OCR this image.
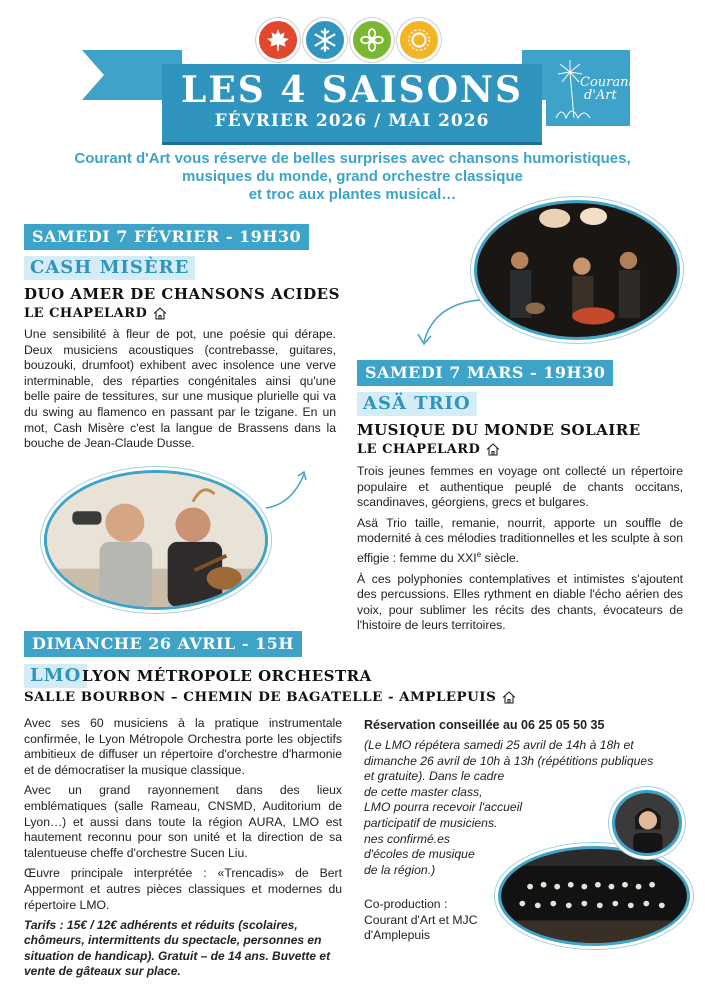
LES 4 SAISONS
FÉVRIER 2026 / MAI 2026
Courant
d'Art
Courant d'Art vous réserve de belles surprises avec chansons humoristiques,
musiques du monde, grand orchestre classique
et troc aux plantes musical…
SAMEDI 7 FÉVRIER - 19H30
CASH MISÈRE
DUO AMER DE CHANSONS ACIDES
LE CHAPELARD
Une sensibilité à fleur de pot, une poésie qui dérape. Deux musiciens acoustiques (contrebasse, guitares, bouzouki, drumfoot) exhibent avec insolence une verve interminable, des réparties congénitales ainsi qu'une belle paire de tessitures, sur une musique plurielle qui va du swing au flamenco en passant par le tzigane. En un mot, Cash Misère c'est la langue de Brassens dans la bouche de Jean-Claude Dusse.
SAMEDI 7 MARS - 19H30
ASÄ TRIO
MUSIQUE DU MONDE SOLAIRE
LE CHAPELARD

Trois jeunes femmes en voyage ont collecté un répertoire populaire et authentique peuplé de chants occitans, scandinaves, géorgiens, grecs et bulgares.

Asä Trio taille, remanie, nourrit, apporte un souffle de modernité à ces mélodies traditionnelles et les sculpte à son effigie : femme du XXIe siècle.

À ces polyphonies contemplatives et intimistes s'ajoutent des percussions. Elles rythment en diable l'écho aérien des voix, pour sublimer les récits des chants, évocateurs de l'histoire de leurs territoires.

DIMANCHE 26 AVRIL - 15H
LMO LYON MÉTROPOLE ORCHESTRA
SALLE BOURBON – CHEMIN DE BAGATELLE - AMPLEPUIS

Avec ses 60 musiciens à la pratique instrumentale confirmée, le Lyon Métropole Orchestra porte les objectifs ambitieux de diffuser un répertoire d'orchestre d'harmonie et de démocratiser la musique classique.

Avec un grand rayonnement dans des lieux emblématiques (salle Rameau, CNSMD, Auditorium de Lyon…) et aussi dans toute la région AURA, LMO est hautement reconnu pour son unité et la direction de sa talentueuse cheffe d'orchestre Sucen Liu.

Œuvre principale interprétée : «Trencadis» de Bert Appermont et autres pièces classiques et modernes du répertoire LMO.

Tarifs : 15€ / 12€ adhérents et réduits (scolaires, chômeurs, intermittents du spectacle, personnes en situation de handicap). Gratuit – de 14 ans. Buvette et vente de gâteaux sur place.
Réservation conseillée au 06 25 05 50 35
(Le LMO répétera samedi 25 avril de 14h à 18h et
dimanche 26 avril de 10h à 13h (répétitions publiques
et gratuite). Dans le cadre
de cette master class,
LMO pourra recevoir l'accueil
participatif de musiciens.
nes confirmé.es
d'écoles de musique
de la région.)
Co-production :
Courant d'Art et MJC
d'Amplepuis
